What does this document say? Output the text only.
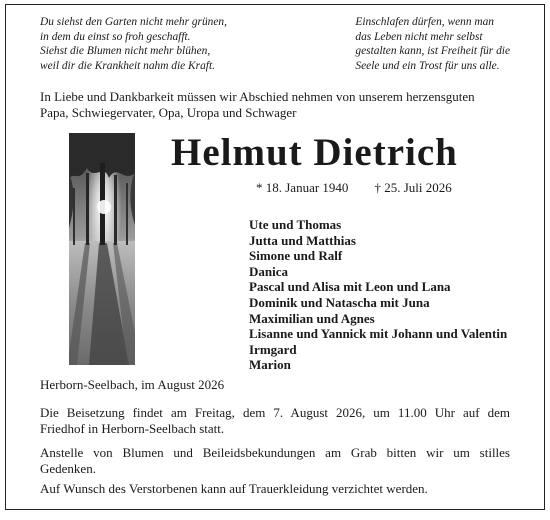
Du siehst den Garten nicht mehr grünen,
in dem du einst so froh geschafft.
Siehst die Blumen nicht mehr blühen,
weil dir die Krankheit nahm die Kraft.
Einschlafen dürfen, wenn man
das Leben nicht mehr selbst
gestalten kann, ist Freiheit für die
Seele und ein Trost für uns alle.
In Liebe und Dankbarkeit müssen wir Abschied nehmen von unserem herzensguten
Papa, Schwiegervater, Opa, Uropa und Schwager
Helmut Dietrich
* 18. Januar 1940 † 25. Juli 2026
Ute und Thomas
Jutta und Matthias
Simone und Ralf
Danica
Pascal und Alisa mit Leon und Lana
Dominik und Natascha mit Juna
Maximilian und Agnes
Lisanne und Yannick mit Johann und Valentin
Irmgard
Marion
Herborn-Seelbach, im August 2026
Die Beisetzung findet am Freitag, dem 7. August 2026, um 11.00 Uhr auf dem
Friedhof in Herborn-Seelbach statt.
Anstelle von Blumen und Beileidsbekundungen am Grab bitten wir um stilles
Gedenken.
Auf Wunsch des Verstorbenen kann auf Trauerkleidung verzichtet werden.
